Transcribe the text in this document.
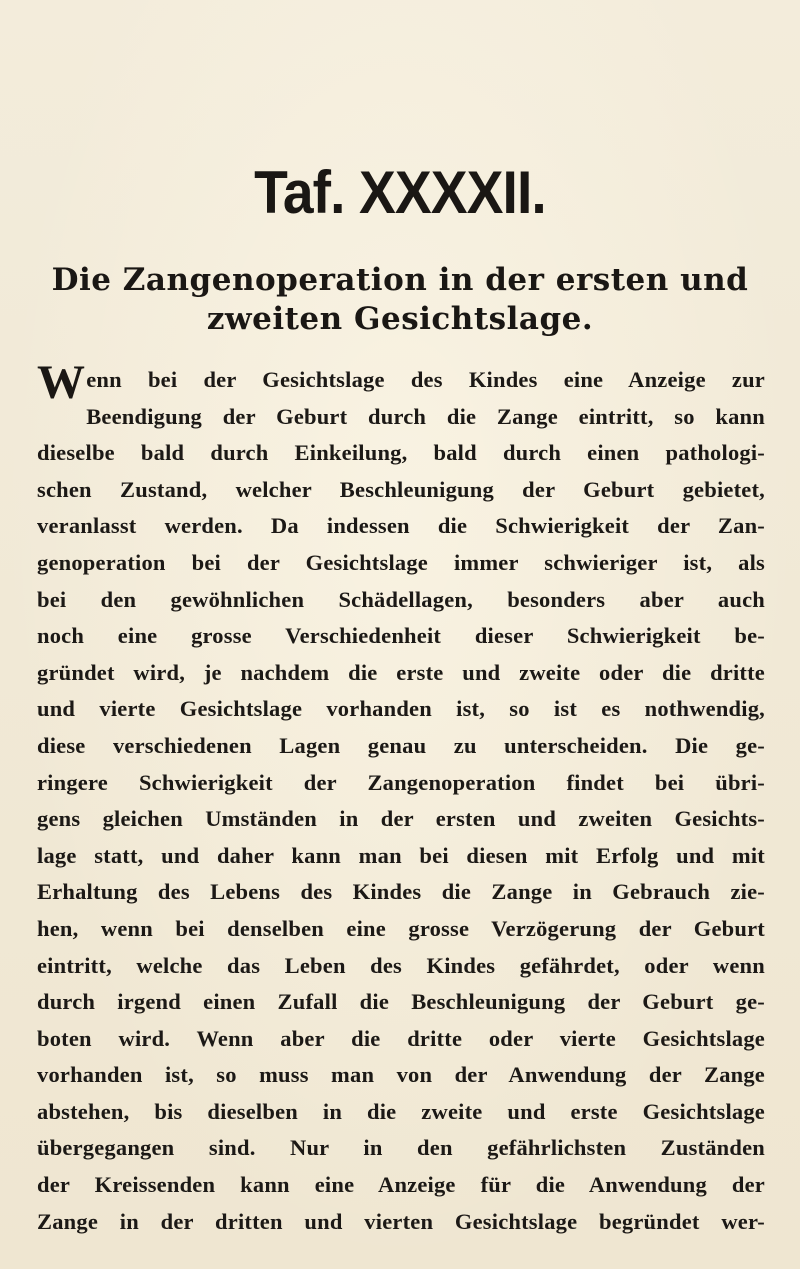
Taf. XXXXII.
Die Zangenoperation in der ersten und
zweiten Gesichtslage.
Wenn bei der Gesichtslage des Kindes eine Anzeige zur
Beendigung der Geburt durch die Zange eintritt, so kann
dieselbe bald durch Einkeilung, bald durch einen pathologi-
schen Zustand, welcher Beschleunigung der Geburt gebietet,
veranlasst werden. Da indessen die Schwierigkeit der Zan-
genoperation bei der Gesichtslage immer schwieriger ist, als
bei den gewöhnlichen Schädellagen, besonders aber auch
noch eine grosse Verschiedenheit dieser Schwierigkeit be-
gründet wird, je nachdem die erste und zweite oder die dritte
und vierte Gesichtslage vorhanden ist, so ist es nothwendig,
diese verschiedenen Lagen genau zu unterscheiden. Die ge-
ringere Schwierigkeit der Zangenoperation findet bei übri-
gens gleichen Umständen in der ersten und zweiten Gesichts-
lage statt, und daher kann man bei diesen mit Erfolg und mit
Erhaltung des Lebens des Kindes die Zange in Gebrauch zie-
hen, wenn bei denselben eine grosse Verzögerung der Geburt
eintritt, welche das Leben des Kindes gefährdet, oder wenn
durch irgend einen Zufall die Beschleunigung der Geburt ge-
boten wird. Wenn aber die dritte oder vierte Gesichtslage
vorhanden ist, so muss man von der Anwendung der Zange
abstehen, bis dieselben in die zweite und erste Gesichtslage
übergegangen sind. Nur in den gefährlichsten Zuständen
der Kreissenden kann eine Anzeige für die Anwendung der
Zange in der dritten und vierten Gesichtslage begründet wer-
